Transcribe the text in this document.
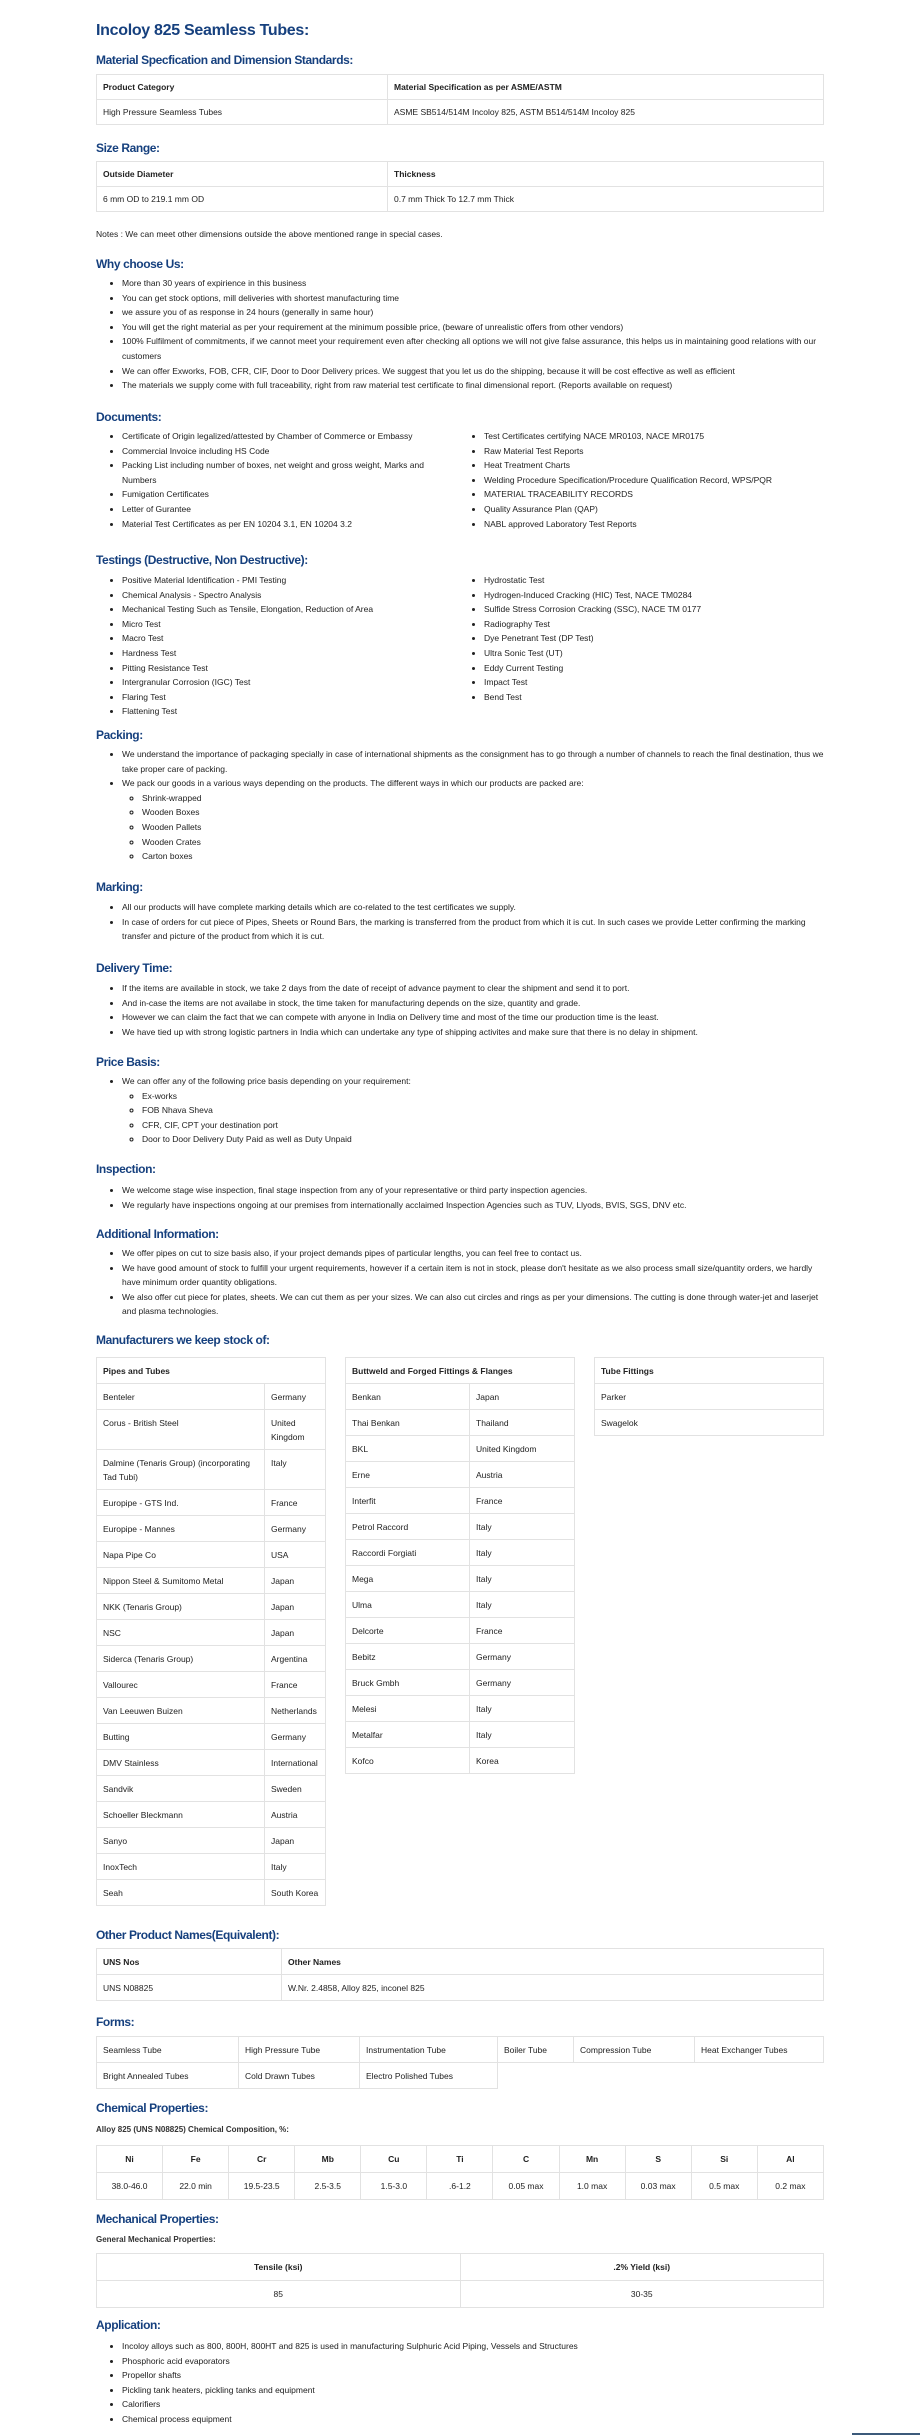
Incoloy 825 Seamless Tubes:
Material Specfication and Dimension Standards:
Product Category	Material Specification as per ASME/ASTM
High Pressure Seamless Tubes	ASME SB514/514M Incoloy 825, ASTM B514/514M Incoloy 825
Size Range:
Outside Diameter	Thickness
6 mm OD to 219.1 mm OD	0.7 mm Thick To 12.7 mm Thick
Notes : We can meet other dimensions outside the above mentioned range in special cases.
Why choose Us:
• More than 30 years of expirience in this business
• You can get stock options, mill deliveries with shortest manufacturing time
• we assure you of as response in 24 hours (generally in same hour)
• You will get the right material as per your requirement at the minimum possible price, (beware of unrealistic offers from other vendors)
• 100% Fulfilment of commitments, if we cannot meet your requirement even after checking all options we will not give false assurance, this helps us in maintaining good relations with our customers
• We can offer Exworks, FOB, CFR, CIF, Door to Door Delivery prices. We suggest that you let us do the shipping, because it will be cost effective as well as efficient
• The materials we supply come with full traceability, right from raw material test certificate to final dimensional report. (Reports available on request)
Documents:
• Certificate of Origin legalized/attested by Chamber of Commerce or Embassy
• Commercial Invoice including HS Code
• Packing List including number of boxes, net weight and gross weight, Marks and Numbers
• Fumigation Certificates
• Letter of Gurantee
• Material Test Certificates as per EN 10204 3.1, EN 10204 3.2
• Test Certificates certifying NACE MR0103, NACE MR0175
• Raw Material Test Reports
• Heat Treatment Charts
• Welding Procedure Specification/Procedure Qualification Record, WPS/PQR
• MATERIAL TRACEABILITY RECORDS
• Quality Assurance Plan (QAP)
• NABL approved Laboratory Test Reports
Testings (Destructive, Non Destructive):
• Positive Material Identification - PMI Testing
• Chemical Analysis - Spectro Analysis
• Mechanical Testing Such as Tensile, Elongation, Reduction of Area
• Micro Test
• Macro Test
• Hardness Test
• Pitting Resistance Test
• Intergranular Corrosion (IGC) Test
• Flaring Test
• Flattening Test
• Hydrostatic Test
• Hydrogen-Induced Cracking (HIC) Test, NACE TM0284
• Sulfide Stress Corrosion Cracking (SSC), NACE TM 0177
• Radiography Test
• Dye Penetrant Test (DP Test)
• Ultra Sonic Test (UT)
• Eddy Current Testing
• Impact Test
• Bend Test
Packing:
• We understand the importance of packaging specially in case of international shipments as the consignment has to go through a number of channels to reach the final destination, thus we take proper care of packing.
• We pack our goods in a various ways depending on the products. The different ways in which our products are packed are:
◦ Shrink-wrapped
◦ Wooden Boxes
◦ Wooden Pallets
◦ Wooden Crates
◦ Carton boxes
Marking:
• All our products will have complete marking details which are co-related to the test certificates we supply.
• In case of orders for cut piece of Pipes, Sheets or Round Bars, the marking is transferred from the product from which it is cut. In such cases we provide Letter confirming the marking transfer and picture of the product from which it is cut.
Delivery Time:
• If the items are available in stock, we take 2 days from the date of receipt of advance payment to clear the shipment and send it to port.
• And in-case the items are not availabe in stock, the time taken for manufacturing depends on the size, quantity and grade.
• However we can claim the fact that we can compete with anyone in India on Delivery time and most of the time our production time is the least.
• We have tied up with strong logistic partners in India which can undertake any type of shipping activites and make sure that there is no delay in shipment.
Price Basis:
• We can offer any of the following price basis depending on your requirement:
◦ Ex-works
◦ FOB Nhava Sheva
◦ CFR, CIF, CPT your destination port
◦ Door to Door Delivery Duty Paid as well as Duty Unpaid
Inspection:
• We welcome stage wise inspection, final stage inspection from any of your representative or third party inspection agencies.
• We regularly have inspections ongoing at our premises from internationally acclaimed Inspection Agencies such as TUV, Llyods, BVIS, SGS, DNV etc.
Additional Information:
• We offer pipes on cut to size basis also, if your project demands pipes of particular lengths, you can feel free to contact us.
• We have good amount of stock to fulfill your urgent requirements, however if a certain item is not in stock, please don't hesitate as we also process small size/quantity orders, we hardly have minimum order quantity obligations.
• We also offer cut piece for plates, sheets. We can cut them as per your sizes. We can also cut circles and rings as per your dimensions. The cutting is done through water-jet and laserjet and plasma technologies.
Manufacturers we keep stock of:
Pipes and Tubes	
Benteler	Germany
Corus - British Steel	United Kingdom
Dalmine (Tenaris Group) (incorporating Tad Tubi)	Italy
Europipe - GTS Ind.	France
Europipe - Mannes	Germany
Napa Pipe Co	USA
Nippon Steel & Sumitomo Metal	Japan
NKK (Tenaris Group)	Japan
NSC	Japan
Siderca (Tenaris Group)	Argentina
Vallourec	France
Van Leeuwen Buizen	Netherlands
Butting	Germany
DMV Stainless	International
Sandvik	Sweden
Schoeller Bleckmann	Austria
Sanyo	Japan
InoxTech	Italy
Seah	South Korea
Buttweld and Forged Fittings & Flanges	
Benkan	Japan
Thai Benkan	Thailand
BKL	United Kingdom
Erne	Austria
Interfit	France
Petrol Raccord	Italy
Raccordi Forgiati	Italy
Mega	Italy
Ulma	Italy
Delcorte	France
Bebitz	Germany
Bruck Gmbh	Germany
Melesi	Italy
Metalfar	Italy
Kofco	Korea
Tube Fittings
Parker
Swagelok
Other Product Names(Equivalent):
UNS Nos	Other Names
UNS N08825	W.Nr. 2.4858, Alloy 825, inconel 825
Forms:
Seamless Tube	High Pressure Tube	Instrumentation Tube	Boiler Tube	Compression Tube	Heat Exchanger Tubes
Bright Annealed Tubes	Cold Drawn Tubes	Electro Polished Tubes			
Chemical Properties:
Alloy 825 (UNS N08825) Chemical Composition, %:
Ni	Fe	Cr	Mb	Cu	Ti	C	Mn	S	Si	Al
38.0-46.0	22.0 min	19.5-23.5	2.5-3.5	1.5-3.0	.6-1.2	0.05 max	1.0 max	0.03 max	0.5 max	0.2 max
Mechanical Properties:
General Mechanical Properties:
Tensile (ksi)	.2% Yield (ksi)
85	30-35
Application:
• Incoloy alloys such as 800, 800H, 800HT and 825 is used in manufacturing Sulphuric Acid Piping, Vessels and Structures
• Phosphoric acid evaporators
• Propellor shafts
• Pickling tank heaters, pickling tanks and equipment
• Calorifiers
• Chemical process equipment
